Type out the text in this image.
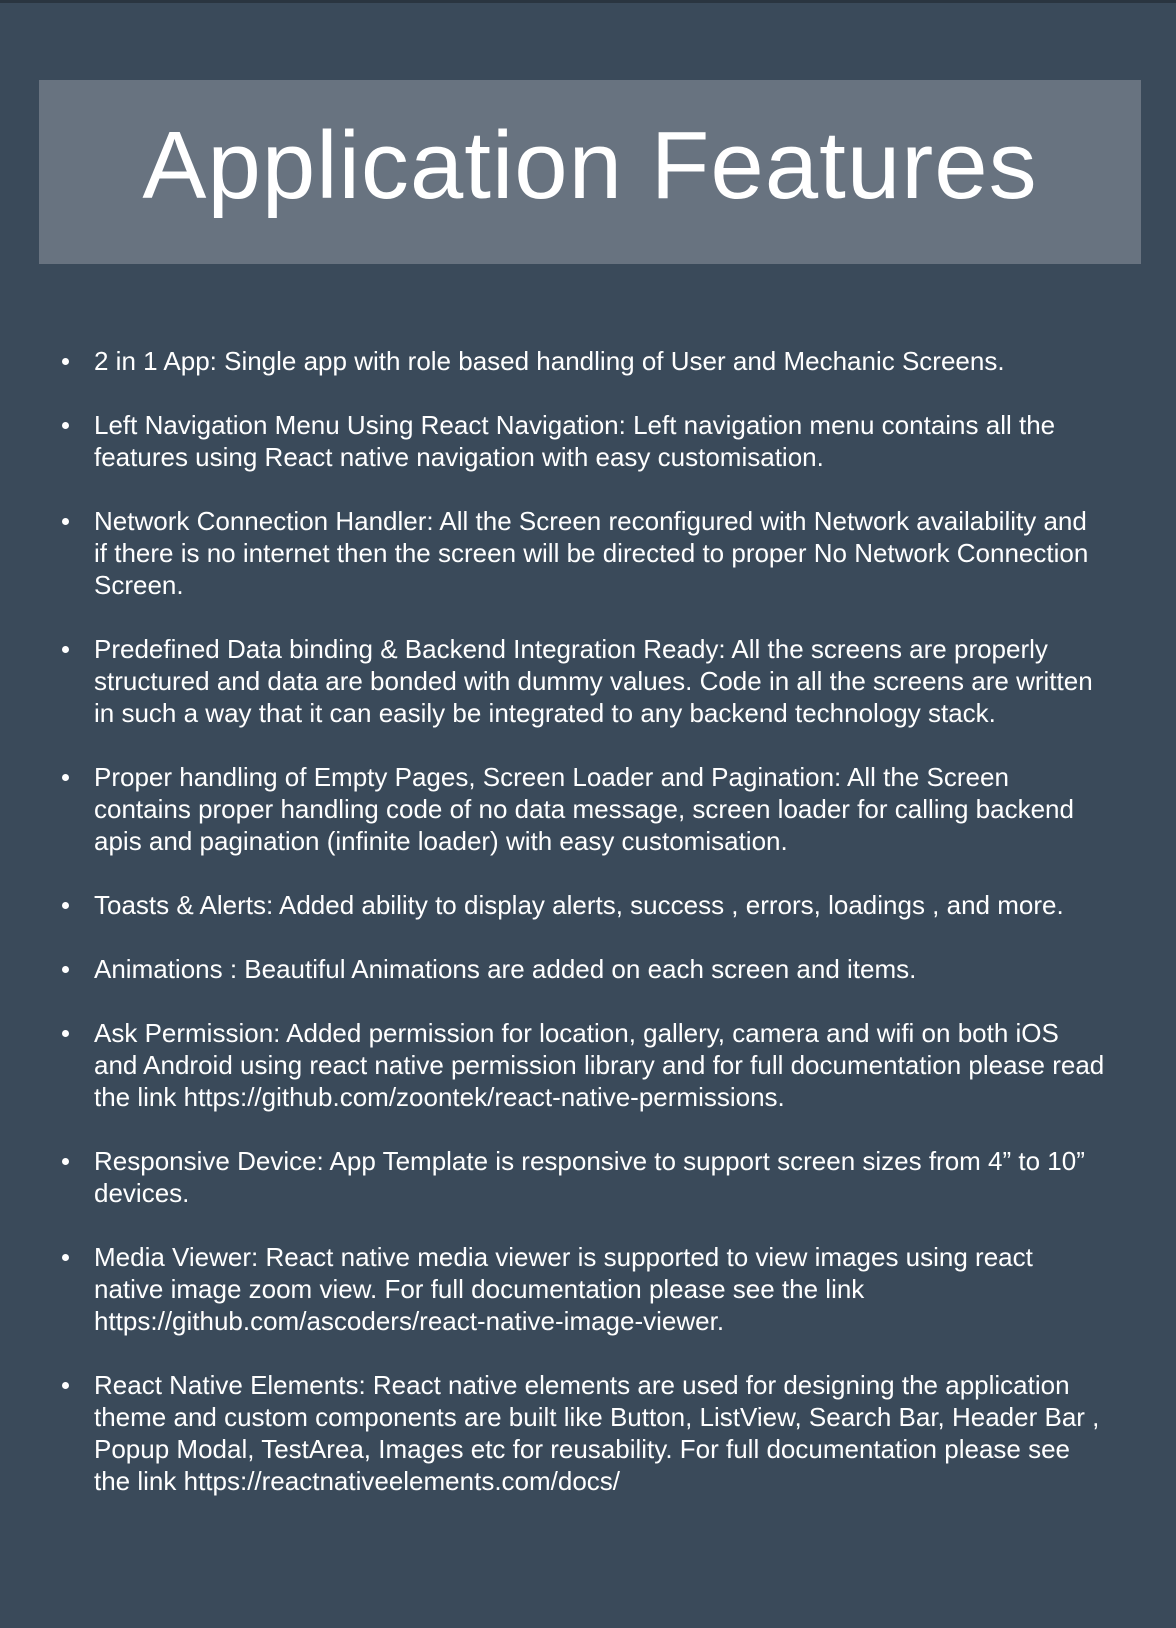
Application Features
2 in 1 App: Single app with role based handling of User and Mechanic Screens.
Left Navigation Menu Using React Navigation: Left navigation menu contains all the features using React native navigation with easy customisation.
Network Connection Handler: All the Screen reconfigured with Network availability and if there is no internet then the screen will be directed to proper No Network Connection Screen.
Predefined Data binding & Backend Integration Ready: All the screens are properly structured and data are bonded with dummy values. Code in all the screens are written in such a way that it can easily be integrated to any backend technology stack.
Proper handling of Empty Pages, Screen Loader and Pagination: All the Screen contains proper handling code of no data message, screen loader for calling backend apis and pagination (infinite loader) with easy customisation.
Toasts & Alerts: Added ability to display alerts, success , errors, loadings , and more.
Animations : Beautiful Animations are added on each screen and items.
Ask Permission: Added permission for location, gallery, camera and wifi on both iOS and Android using react native permission library and for full documentation please read the link https://github.com/zoontek/react-native-permissions.
Responsive Device: App Template is responsive to support screen sizes from 4” to 10” devices.
Media Viewer: React native media viewer is supported to view images using react native image zoom view. For full documentation please see the link https://github.com/ascoders/react-native-image-viewer.
React Native Elements: React native elements are used for designing the application theme and custom components are built like Button, ListView, Search Bar, Header Bar , Popup Modal, TestArea, Images etc for reusability. For full documentation please see the link https://reactnativeelements.com/docs/
